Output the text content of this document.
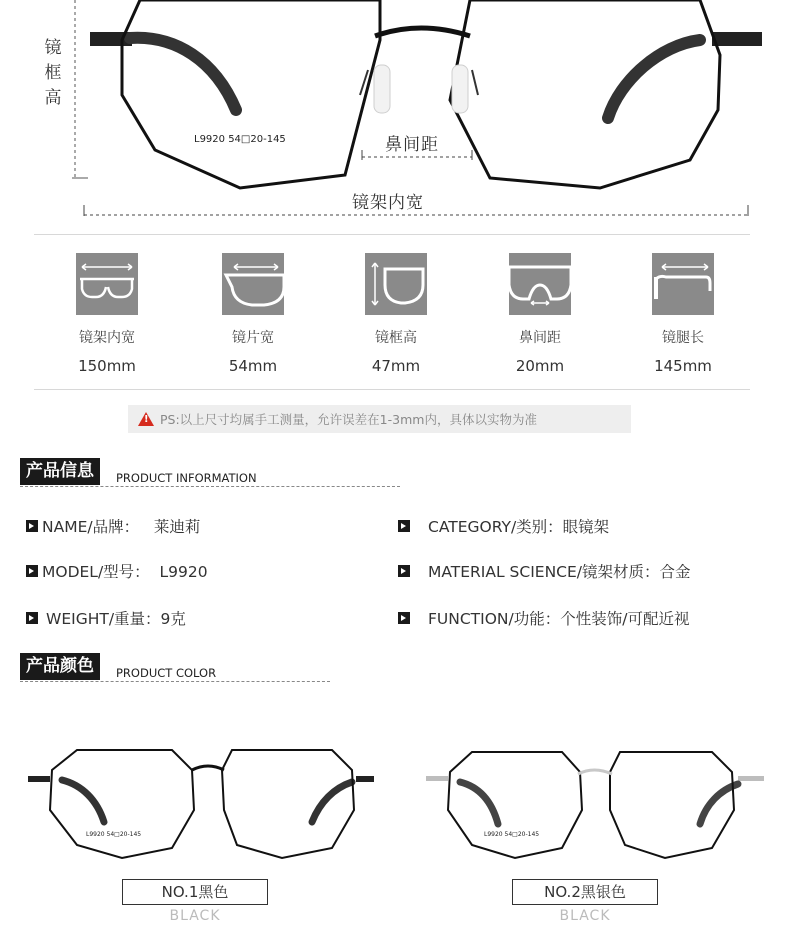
镜框高
L9920 54□20-145	鼻间距
镜架内宽
镜架内宽
150mm
镜片宽
54mm
镜框高
47mm
鼻间距
20mm
镜腿长
145mm
!
PS:以上尺寸均属手工测量，允许误差在1-3mm内，具体以实物为准
产品信息	PRODUCT INFORMATION
NAME/品牌：   莱迪莉	CATEGORY/类别：眼镜架
MODEL/型号：  L9920	MATERIAL SCIENCE/镜架材质：合金
WEIGHT/重量：9克	FUNCTION/功能：个性装饰/可配近视
产品颜色	PRODUCT COLOR
L9920 54□20-145
NO.1黑色
BLACK
L9920 54□20-145
NO.2黑银色
BLACK
